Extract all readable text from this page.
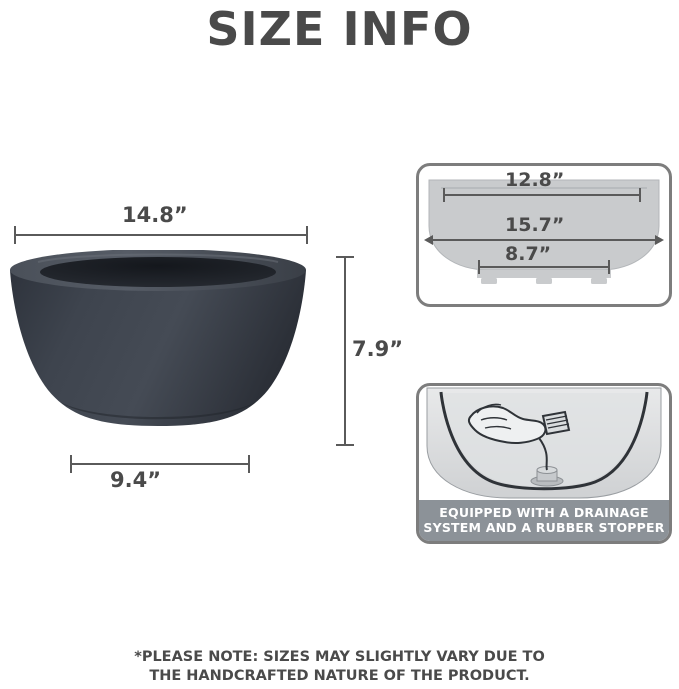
SIZE INFO
14.8”
7.9”
9.4”
12.8”
15.7”
8.7”
EQUIPPED WITH A DRAINAGE
SYSTEM AND A RUBBER STOPPER
*PLEASE NOTE: SIZES MAY SLIGHTLY VARY DUE TO
THE HANDCRAFTED NATURE OF THE PRODUCT.
